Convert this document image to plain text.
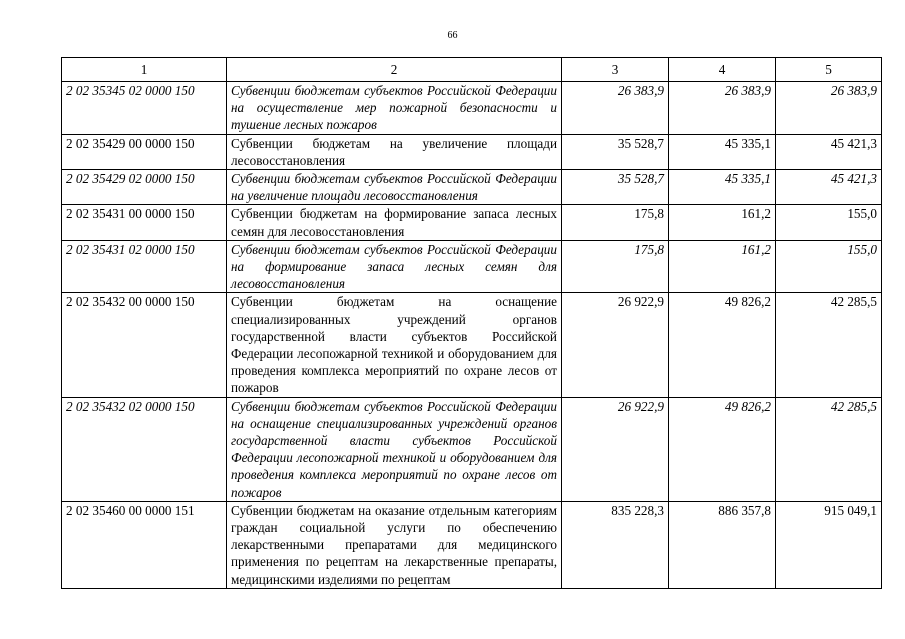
66
1	2	3	4	5
2 02 35345 02 0000 150	Субвенции бюджетам субъектов Российской Федерации на осуществление мер пожарной безопасности и тушение лесных пожаров	26 383,9	26 383,9	26 383,9
2 02 35429 00 0000 150	Субвенции бюджетам на увеличение площади лесовосстановления	35 528,7	45 335,1	45 421,3
2 02 35429 02 0000 150	Субвенции бюджетам субъектов Российской Федерации на увеличение площади лесовосстановления	35 528,7	45 335,1	45 421,3
2 02 35431 00 0000 150	Субвенции бюджетам на формирование запаса лесных семян для лесовосстановления	175,8	161,2	155,0
2 02 35431 02 0000 150	Субвенции бюджетам субъектов Российской Федерации на формирование запаса лесных семян для лесовосстановления	175,8	161,2	155,0
2 02 35432 00 0000 150	Субвенции бюджетам на оснащение специализированных учреждений органов государственной власти субъектов Российской Федерации лесопожарной техникой и оборудованием для проведения комплекса мероприятий по охране лесов от пожаров	26 922,9	49 826,2	42 285,5
2 02 35432 02 0000 150	Субвенции бюджетам субъектов Российской Федерации на оснащение специализированных учреждений органов государственной власти субъектов Российской Федерации лесопожарной техникой и оборудованием для проведения комплекса мероприятий по охране лесов от пожаров	26 922,9	49 826,2	42 285,5
2 02 35460 00 0000 151	Субвенции бюджетам на оказание отдельным категориям граждан социальной услуги по обеспечению лекарственными препаратами для медицинского применения по рецептам на лекарственные препараты, медицинскими изделиями по рецептам	835 228,3	886 357,8	915 049,1
